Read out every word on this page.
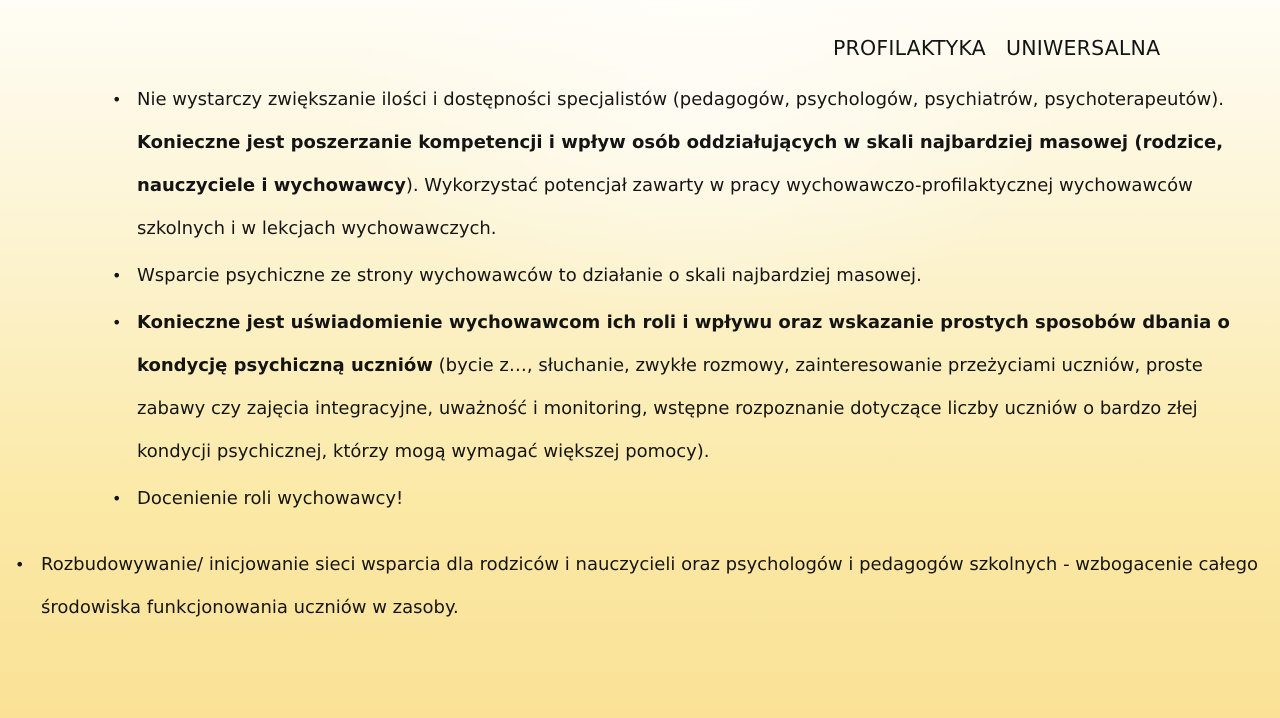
PROFILAKTYKA   UNIWERSALNA
• Nie wystarczy zwiększanie ilości i dostępności specjalistów (pedagogów, psychologów, psychiatrów, psychoterapeutów). Konieczne jest poszerzanie kompetencji i wpływ osób oddziałujących w skali najbardziej masowej (rodzice, nauczyciele i wychowawcy). Wykorzystać potencjał zawarty w pracy wychowawczo-profilaktycznej wychowawców szkolnych i w lekcjach wychowawczych.
• Wsparcie psychiczne ze strony wychowawców to działanie o skali najbardziej masowej.
• Konieczne jest uświadomienie wychowawcom ich roli i wpływu oraz wskazanie prostych sposobów dbania o kondycję psychiczną uczniów (bycie z…, słuchanie, zwykłe rozmowy, zainteresowanie przeżyciami uczniów, proste zabawy czy zajęcia integracyjne, uważność i monitoring, wstępne rozpoznanie dotyczące liczby uczniów o bardzo złej kondycji psychicznej, którzy mogą wymagać większej pomocy).
• Docenienie roli wychowawcy!
• Rozbudowywanie/ inicjowanie sieci wsparcia dla rodziców i nauczycieli oraz psychologów i pedagogów szkolnych - wzbogacenie całego środowiska funkcjonowania uczniów w zasoby.
